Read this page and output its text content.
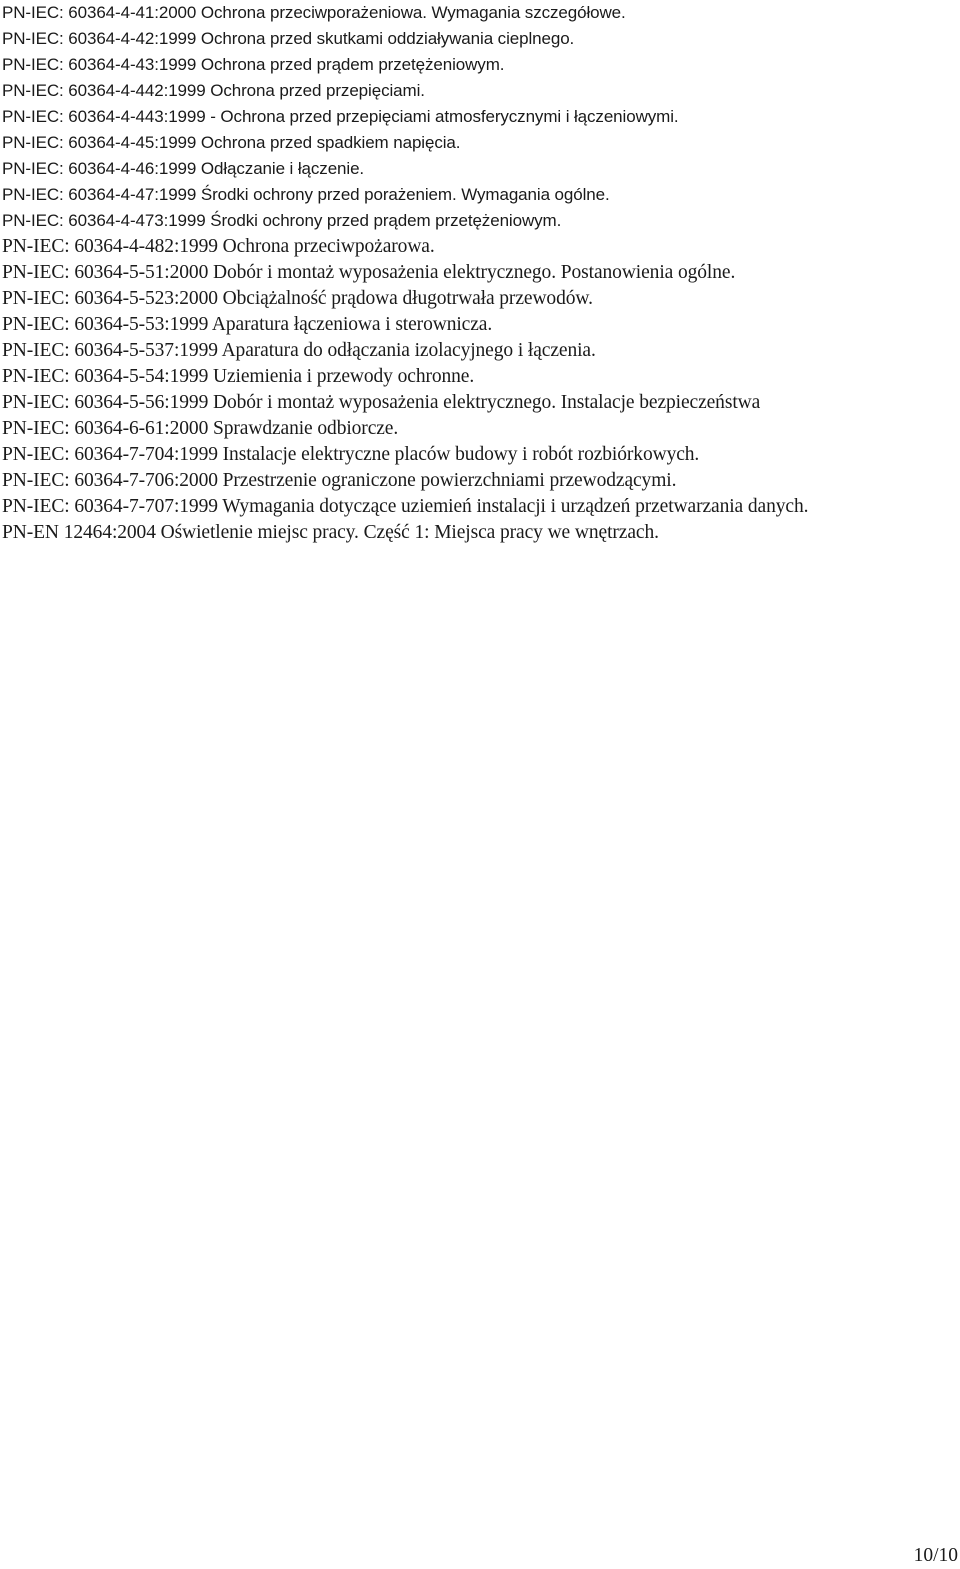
PN-IEC: 60364-4-41:2000 Ochrona przeciwporażeniowa. Wymagania szczegółowe.
PN-IEC: 60364-4-42:1999 Ochrona przed skutkami oddziaływania cieplnego.
PN-IEC: 60364-4-43:1999 Ochrona przed prądem przetężeniowym.
PN-IEC: 60364-4-442:1999 Ochrona przed przepięciami.
PN-IEC: 60364-4-443:1999 - Ochrona przed przepięciami atmosferycznymi i łączeniowymi.
PN-IEC: 60364-4-45:1999 Ochrona przed spadkiem napięcia.
PN-IEC: 60364-4-46:1999 Odłączanie i łączenie.
PN-IEC: 60364-4-47:1999 Środki ochrony przed porażeniem. Wymagania ogólne.
PN-IEC: 60364-4-473:1999 Środki ochrony przed prądem przetężeniowym.
PN-IEC: 60364-4-482:1999 Ochrona przeciwpożarowa.
PN-IEC: 60364-5-51:2000 Dobór i montaż wyposażenia elektrycznego. Postanowienia ogólne.
PN-IEC: 60364-5-523:2000 Obciążalność prądowa długotrwała przewodów.
PN-IEC: 60364-5-53:1999 Aparatura łączeniowa i sterownicza.
PN-IEC: 60364-5-537:1999 Aparatura do odłączania izolacyjnego i łączenia.
PN-IEC: 60364-5-54:1999 Uziemienia i przewody ochronne.
PN-IEC: 60364-5-56:1999 Dobór i montaż wyposażenia elektrycznego. Instalacje bezpieczeństwa
PN-IEC: 60364-6-61:2000 Sprawdzanie odbiorcze.
PN-IEC: 60364-7-704:1999 Instalacje elektryczne placów budowy i robót rozbiórkowych.
PN-IEC: 60364-7-706:2000 Przestrzenie ograniczone powierzchniami przewodzącymi.
PN-IEC: 60364-7-707:1999 Wymagania dotyczące uziemień instalacji i urządzeń przetwarzania danych.
PN-EN 12464:2004 Oświetlenie miejsc pracy. Część 1: Miejsca pracy we wnętrzach.
10/10
